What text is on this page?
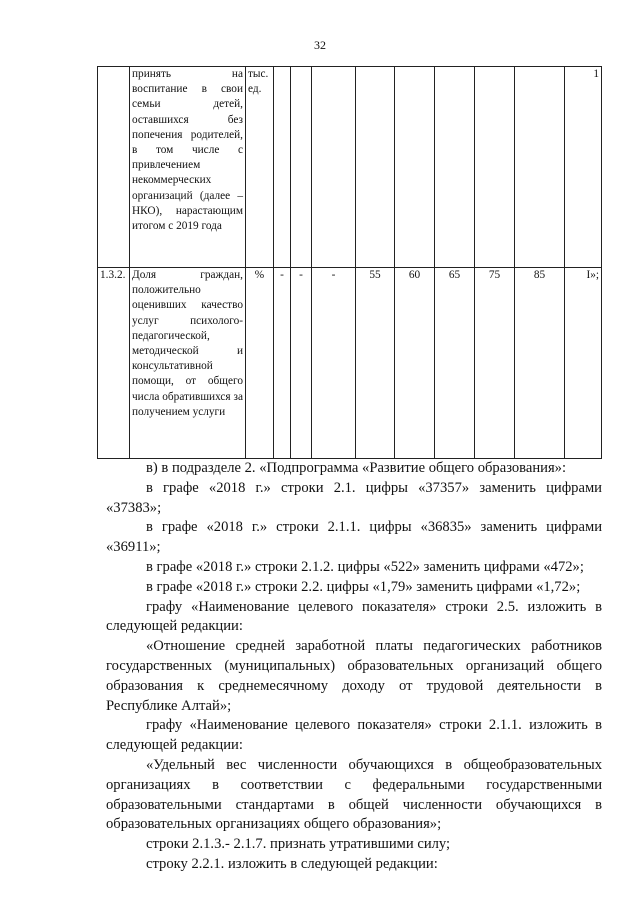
32
	принять на воспитание в свои семьи детей, оставшихся без попечения родителей, в том числе с привлечением некоммерческих организаций (далее –НКО), нарастающим итогом с 2019 года	тыс. ед.									1
1.3.2.	Доля граждан, положительно оценивших качество услуг психолого-педагогической, методической и консультативной помощи, от общего числа обратившихся за получением услуги	%	-	-	-	55	60	65	75	85	I»;

в) в подразделе 2. «Подпрограмма «Развитие общего образования»:

в графе «2018 г.» строки 2.1. цифры «37357» заменить цифрами «37383»;

в графе «2018 г.» строки 2.1.1. цифры «36835» заменить цифрами «36911»;

в графе «2018 г.» строки 2.1.2. цифры «522» заменить цифрами «472»;

в графе «2018 г.» строки 2.2. цифры «1,79» заменить цифрами «1,72»;

графу «Наименование целевого показателя» строки 2.5. изложить в следующей редакции:

«Отношение средней заработной платы педагогических работников государственных (муниципальных) образовательных организаций общего образования к среднемесячному доходу от трудовой деятельности в Республике Алтай»;

графу «Наименование целевого показателя» строки 2.1.1. изложить в следующей редакции:

«Удельный вес численности обучающихся в общеобразовательных организациях в соответствии с федеральными государственными образовательными стандартами в общей численности обучающихся в образовательных организациях общего образования»;

строки 2.1.3.- 2.1.7. признать утратившими силу;

строку 2.2.1. изложить в следующей редакции:
